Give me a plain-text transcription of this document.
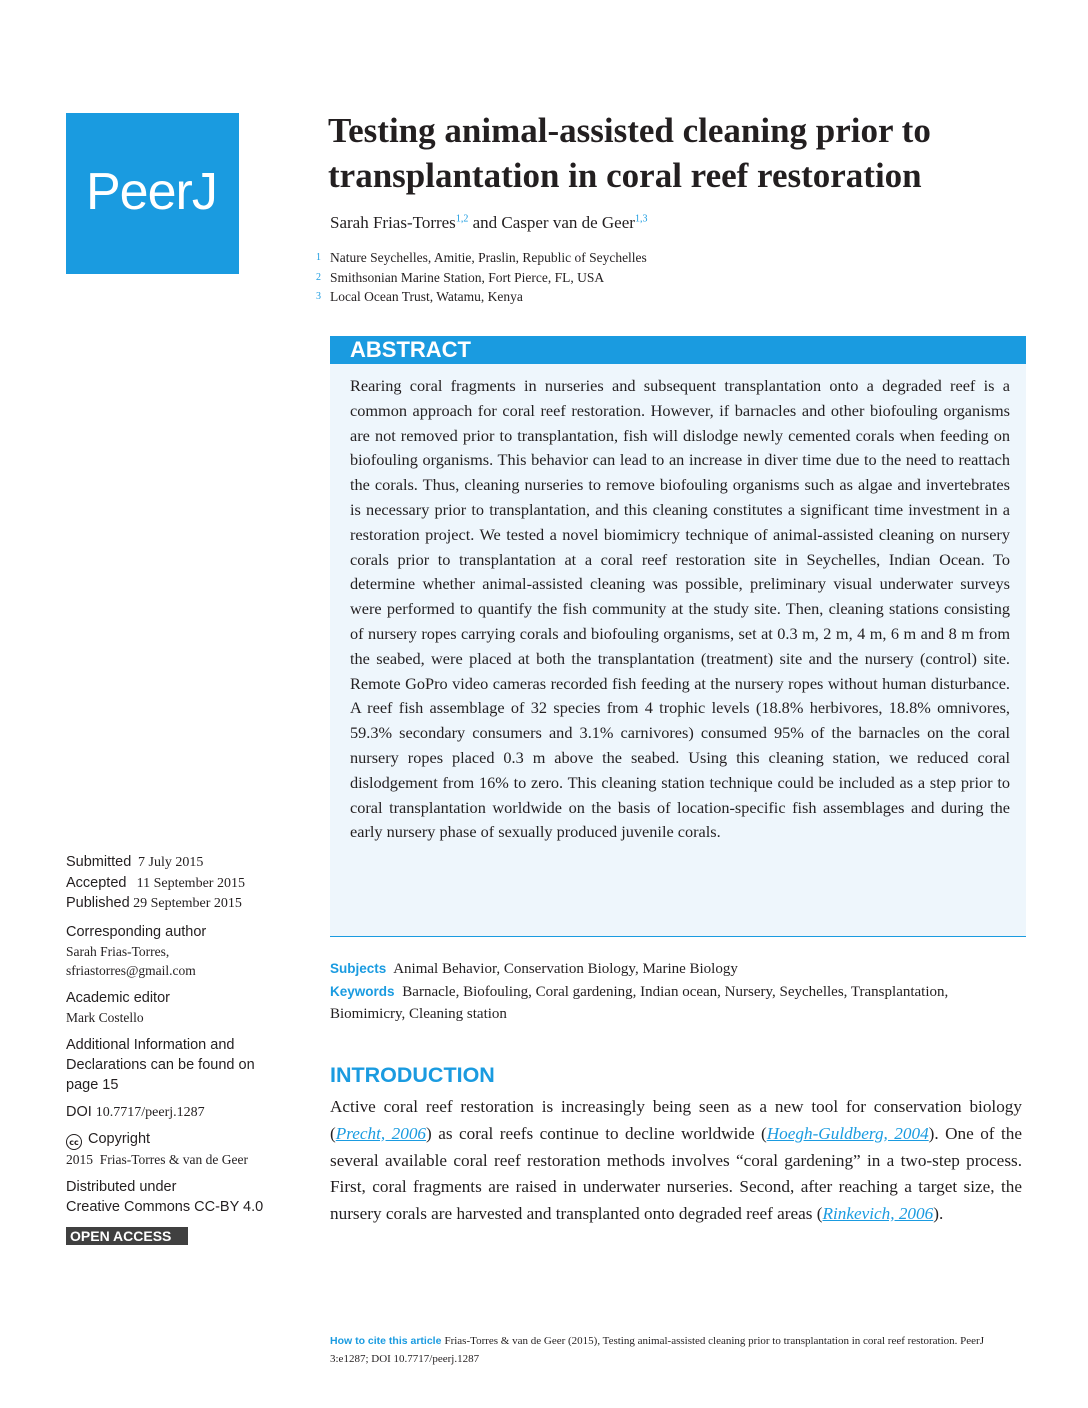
PeerJ
Testing animal-assisted cleaning prior to transplantation in coral reef restoration
Sarah Frias-Torres$^{1,2}$ and Casper van de Geer$^{1,3}$
1 Nature Seychelles, Amitie, Praslin, Republic of Seychelles
2 Smithsonian Marine Station, Fort Pierce, FL, USA
3 Local Ocean Trust, Watamu, Kenya
ABSTRACT

Rearing coral fragments in nurseries and subsequent transplantation onto a degraded reef is a common approach for coral reef restoration. However, if barnacles and other biofouling organisms are not removed prior to transplantation, fish will dislodge newly cemented corals when feeding on biofouling organisms. This behavior can lead to an increase in diver time due to the need to reattach the corals. Thus, cleaning nurseries to remove biofouling organisms such as algae and invertebrates is necessary prior to transplantation, and this cleaning constitutes a significant time investment in a restoration project. We tested a novel biomimicry technique of animal-assisted cleaning on nursery corals prior to transplantation at a coral reef restoration site in Seychelles, Indian Ocean. To determine whether animal-assisted cleaning was possible, preliminary visual underwater surveys were performed to quantify the fish community at the study site. Then, cleaning stations consisting of nursery ropes carrying corals and biofouling organisms, set at 0.3 m, 2 m, 4 m, 6 m and 8 m from the seabed, were placed at both the transplantation (treatment) site and the nursery (control) site. Remote GoPro video cameras recorded fish feeding at the nursery ropes without human disturbance. A reef fish assemblage of 32 species from 4 trophic levels (18.8% herbivores, 18.8% omnivores, 59.3% secondary consumers and 3.1% carnivores) consumed 95% of the barnacles on the coral nursery ropes placed 0.3 m above the seabed. Using this cleaning station, we reduced coral dislodgement from 16% to zero. This cleaning station technique could be included as a step prior to coral transplantation worldwide on the basis of location-specific fish assemblages and during the early nursery phase of sexually produced juvenile corals.

Subjects Animal Behavior, Conservation Biology, Marine Biology
Keywords Barnacle, Biofouling, Coral gardening, Indian ocean, Nursery, Seychelles, Transplantation, Biomimicry, Cleaning station
INTRODUCTION

Active coral reef restoration is increasingly being seen as a new tool for conservation biology (Precht, 2006) as coral reefs continue to decline worldwide (Hoegh-Guldberg, 2004). One of the several available coral reef restoration methods involves “coral gardening” in a two-step process. First, coral fragments are raised in underwater nurseries. Second, after reaching a target size, the nursery corals are harvested and transplanted onto degraded reef areas (Rinkevich, 2006).

Submitted 7 July 2015
Accepted 11 September 2015
Published 29 September 2015
Corresponding author
Sarah Frias-Torres,
sfriastorres@gmail.com
Academic editor
Mark Costello
Additional Information and
Declarations can be found on
page 15
DOI 10.7717/peerj.1287
cc Copyright
2015  Frias-Torres & van de Geer
Distributed under
Creative Commons CC-BY 4.0
OPEN ACCESS
How to cite this article Frias-Torres & van de Geer (2015), Testing animal-assisted cleaning prior to transplantation in coral reef restoration. PeerJ 3:e1287; DOI 10.7717/peerj.1287
